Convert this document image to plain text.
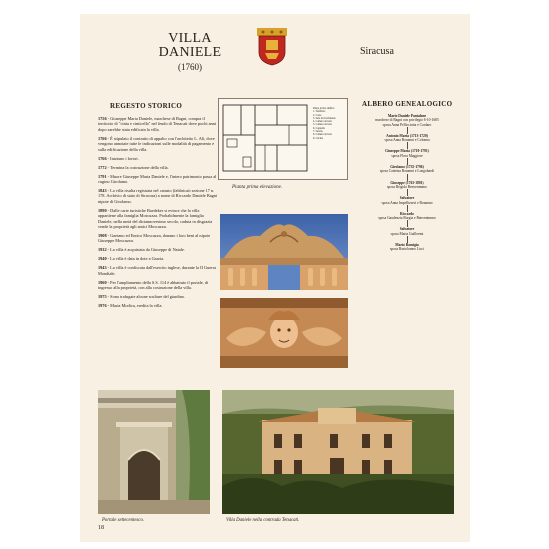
VILLA
DANIELE
(1760)
Siracusa
REGESTO STORICO
1756 - Giuseppe Maria Daniele, marchese di Bagni, compra il territorio di "cinta e cinticella" nel feudo di Tenacati dove pochi anni dopo sarebbe stata edificata la villa.
1766 - È stipulato il contratto di appalto con l'architetto L. Alì, dove vengono annotate tutte le indicazioni sulle modalità di pagamento e sulla edificazione della villa.
1766 - Iniziano i lavori.
1772 - Termina la costruzione della villa.
1791 - Muore Giuseppe Maria Daniele e, l'intero patrimonio passa al cugino Girolamo.
1843 - La villa risulta registrata nel catasto (fabbricati sezione 17 n. 178. Archivio di stato di Siracusa) a nome di Riccardo Daniele Bagni nipote di Girolamo.
1890 - Dalle carte turistiche Baedeker si evince che la villa appartiene alla famiglia Moscuzza. Probabilmente la famiglia Daniele, nella metà del diciannovesimo secolo, caduta in disgrazia vende la proprietà agli amici Moscuzza.
1908 - Gaetano ed Enrico Moscuzza, donano i loro beni al nipote Giuseppe Moscuzza.
1932 - La villa è acquistata da Giuseppe di Natale.
1940 - La villa è data in dote a Grazia.
1943 - La villa è confiscata dall'esercito inglese, durante la II Guerra Mondiale.
1960 - Per l'ampliamento della S.S. 114 è abbattuto il portale, di ingresso alla proprietà, con alla costruzione della villa.
1975 - Sono trafugate alcune sculture del giardino.
1976 - Maria Modica, eredita la villa.
Piano primo edificio
1. Vestibolo
2. Corte
3. Sala di ricevimento
4. Camera da letto
5. Camera da letto
6. Cappella
7. Salotto
8. Camera da letto
9. Cucina
Pianta prima elevazione.
ALBERO GENEALOGICO
Mario Daniele Pantalone
marchese di Bagni con privilegio 6-10-1685
sposa Anna Pellicciotta e Cordaro
Antonio Maria (1713-1720)
sposa Anna Bonanni e Colonna
Giuseppe Maria (1710-1791)
sposa Flora Maggiore
Girolamo (1735-1796)
sposa Caterina Bonanni e Longobardi
Giuseppe (1763-1801)
sposa Brigida Benvenimmo
Salvatore
sposa Anna Impellizzeri e Bonanno
Riccardo
sposa Gaudenzia Borgia e Benvenimmo
Salvatore
sposa Maria Guilleemi
Mario Romigia
sposa Bartolomeo Lisci
Portale settecentesco.	Villa Daniele nella contrada Tenacati.
18
